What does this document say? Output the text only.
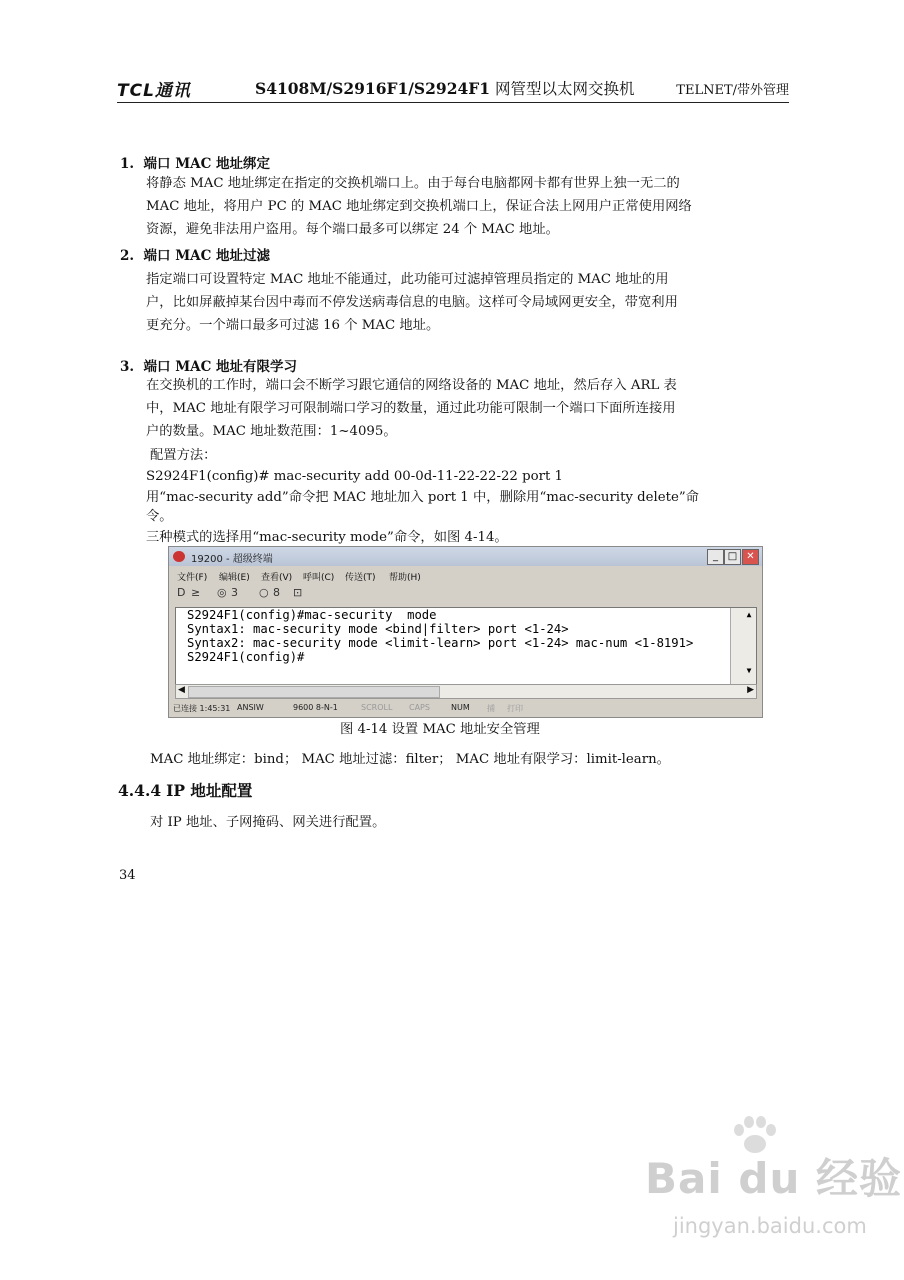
TCL通讯	S4108M/S2916F1/S2924F1 网管型以太网交换机	TELNET/带外管理
1. 端口 MAC 地址绑定
将静态 MAC 地址绑定在指定的交换机端口上。由于每台电脑都网卡都有世界上独一无二的
MAC 地址，将用户 PC 的 MAC 地址绑定到交换机端口上，保证合法上网用户正常使用网络
资源，避免非法用户盗用。每个端口最多可以绑定 24 个 MAC 地址。
2. 端口 MAC 地址过滤
指定端口可设置特定 MAC 地址不能通过，此功能可过滤掉管理员指定的 MAC 地址的用
户，比如屏蔽掉某台因中毒而不停发送病毒信息的电脑。这样可令局域网更安全，带宽利用
更充分。一个端口最多可过滤 16 个 MAC 地址。
3. 端口 MAC 地址有限学习
在交换机的工作时，端口会不断学习跟它通信的网络设备的 MAC 地址，然后存入 ARL 表
中，MAC 地址有限学习可限制端口学习的数量，通过此功能可限制一个端口下面所连接用
户的数量。MAC 地址数范围：1~4095。
配置方法：
S2924F1(config)# mac-security add 00-0d-11-22-22-22 port 1
用“mac-security add”命令把 MAC 地址加入 port 1 中，删除用“mac-security delete”命
令。
三种模式的选择用“mac-security mode”命令，如图 4-14。
19200 - 超级终端	_ □ ✕
文件(F) 编辑(E) 查看(V) 呼叫(C) 传送(T) 帮助(H)
D ≥ ◎ 3 ○ 8 ⊡
S2924F1(config)#mac-security  mode
Syntax1: mac-security mode <bind|filter> port <1-24>
Syntax2: mac-security mode <limit-learn> port <1-24> mac-num <1-8191>
S2924F1(config)#
▲

▼
◀	▶
已连接 1:45:31 ANSIW	9600 8-N-1	SCROLL CAPS	NUM 捕 打印
图 4-14 设置 MAC 地址安全管理
MAC 地址绑定：bind； MAC 地址过滤：filter； MAC 地址有限学习：limit-learn。
4.4.4 IP 地址配置
对 IP 地址、子网掩码、网关进行配置。
34
Bai du 经验
jingyan.baidu.com
